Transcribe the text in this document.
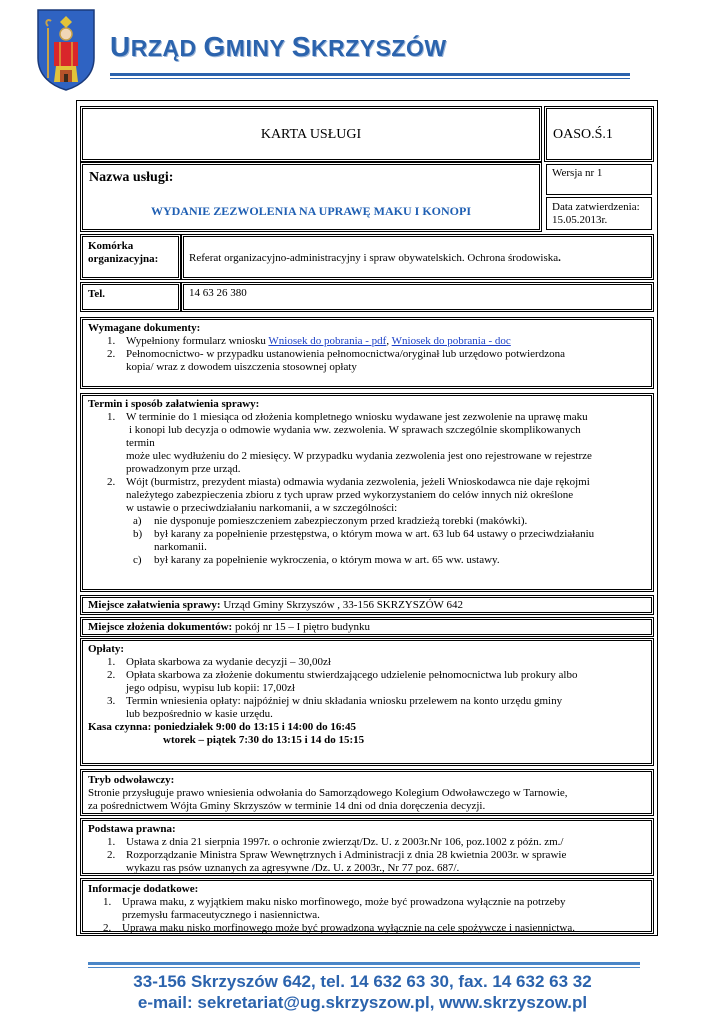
URZĄD GMINY SKRZYSZÓW
KARTA USŁUGI	OASO.Ś.1
Nazwa usługi:
WYDANIE ZEZWOLENIA NA UPRAWĘ MAKU I KONOPI
Wersja nr 1
Data zatwierdzenia:
15.05.2013r.
Komórka
organizacyjna:	Referat organizacyjno-administracyjny i spraw obywatelskich. Ochrona środowiska.
Tel.	14 63 26 380
Wymagane dokumenty:
1. Wypełniony formularz wniosku Wniosek do pobrania - pdf, Wniosek do pobrania - doc
2. Pełnomocnictwo- w przypadku ustanowienia pełnomocnictwa/oryginał lub urzędowo potwierdzona
kopia/ wraz z dowodem uiszczenia stosownej opłaty
Termin i sposób załatwienia sprawy:
1. W terminie do 1 miesiąca od złożenia kompletnego wniosku wydawane jest zezwolenie na uprawę maku
i konopi lub decyzja o odmowie wydania ww. zezwolenia. W sprawach szczególnie skomplikowanych
termin
może ulec wydłużeniu do 2 miesięcy. W przypadku wydania zezwolenia jest ono rejestrowane w rejestrze
prowadzonym prze urząd.
2. Wójt (burmistrz, prezydent miasta) odmawia wydania zezwolenia, jeżeli Wnioskodawca nie daje rękojmi
należytego zabezpieczenia zbioru z tych upraw przed wykorzystaniem do celów innych niż określone
w ustawie o przeciwdziałaniu narkomanii, a w szczególności:
a) nie dysponuje pomieszczeniem zabezpieczonym przed kradzieżą torebki (makówki).
b) był karany za popełnienie przestępstwa, o którym mowa w art. 63 lub 64 ustawy o przeciwdziałaniu
narkomanii.
c) był karany za popełnienie wykroczenia, o którym mowa w art. 65 ww. ustawy.
Miejsce załatwienia sprawy: Urząd Gminy Skrzyszów , 33-156 SKRZYSZÓW 642
Miejsce złożenia dokumentów: pokój nr 15 – I piętro budynku
Opłaty:
1. Opłata skarbowa za wydanie decyzji – 30,00zł
2. Opłata skarbowa za złożenie dokumentu stwierdzającego udzielenie pełnomocnictwa lub prokury albo
jego odpisu, wypisu lub kopii: 17,00zł
3. Termin wniesienia opłaty: najpóźniej w dniu składania wniosku przelewem na konto urzędu gminy
lub bezpośrednio w kasie urzędu.
Kasa czynna: poniedziałek 9:00 do 13:15 i 14:00 do 16:45
wtorek – piątek 7:30 do 13:15 i 14 do 15:15
Tryb odwoławczy:
Stronie przysługuje prawo wniesienia odwołania do Samorządowego Kolegium Odwoławczego w Tarnowie,
za pośrednictwem Wójta Gminy Skrzyszów w terminie 14 dni od dnia doręczenia decyzji.
Podstawa prawna:
1. Ustawa z dnia 21 sierpnia 1997r. o ochronie zwierząt/Dz. U. z 2003r.Nr 106, poz.1002 z późn. zm./
2. Rozporządzanie Ministra Spraw Wewnętrznych i Administracji z dnia 28 kwietnia 2003r. w sprawie
wykazu ras psów uznanych za agresywne /Dz. U. z 2003r., Nr 77 poz. 687/.
Informacje dodatkowe:
1. Uprawa maku, z wyjątkiem maku nisko morfinowego, może być prowadzona wyłącznie na potrzeby
przemysłu farmaceutycznego i nasiennictwa.
2. Uprawa maku nisko morfinowego może być prowadzona wyłącznie na cele spożywcze i nasiennictwa.
33-156 Skrzyszów 642, tel. 14 632 63 30, fax. 14 632 63 32
e-mail: sekretariat@ug.skrzyszow.pl, www.skrzyszow.pl
